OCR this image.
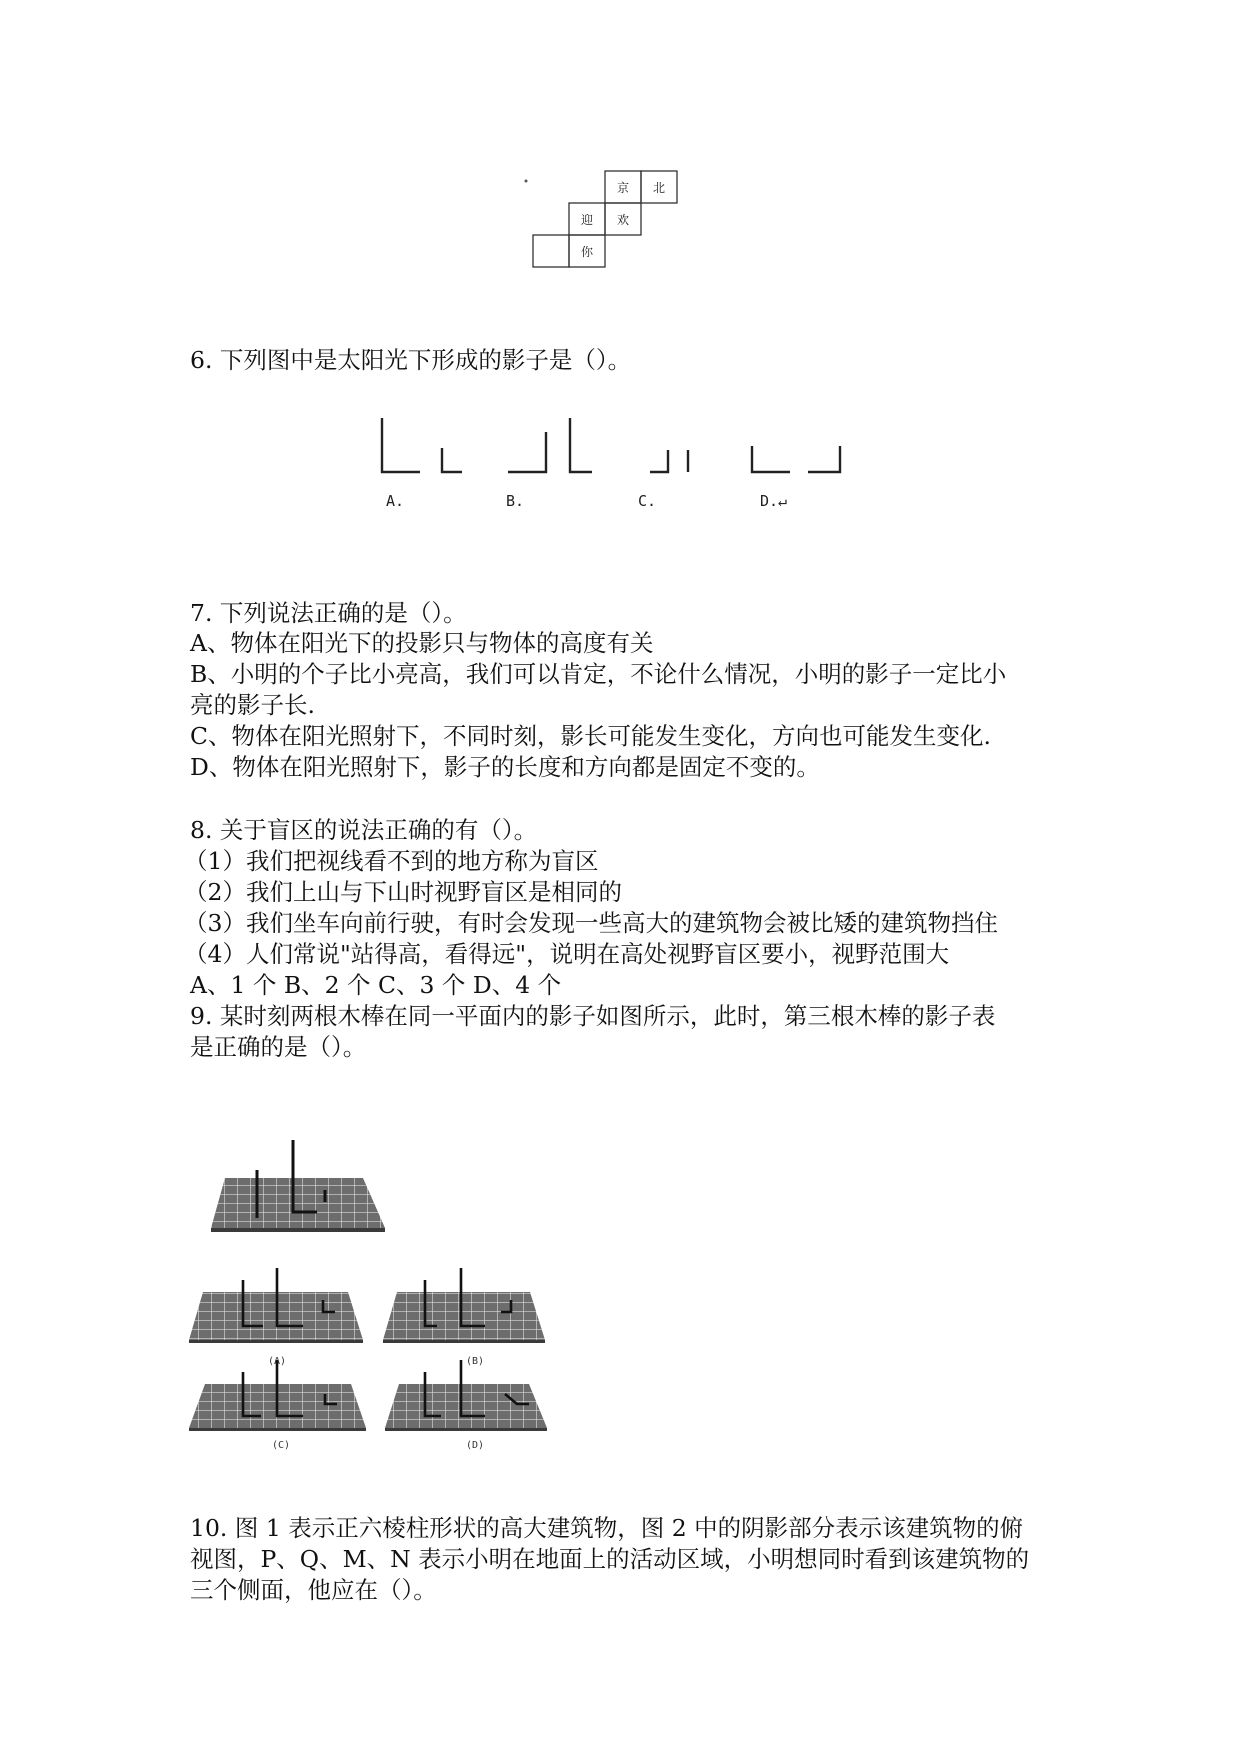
京 北
迎 欢
你
6. 下列图中是太阳光下形成的影子是（）。
A.	B.	C.	D.↵
7. 下列说法正确的是（）。
A、物体在阳光下的投影只与物体的高度有关
B、小明的个子比小亮高，我们可以肯定，不论什么情况，小明的影子一定比小
亮的影子长.
C、物体在阳光照射下，不同时刻，影长可能发生变化，方向也可能发生变化.
D、物体在阳光照射下，影子的长度和方向都是固定不变的。
8. 关于盲区的说法正确的有（）。
（1）我们把视线看不到的地方称为盲区
（2）我们上山与下山时视野盲区是相同的
（3）我们坐车向前行驶，有时会发现一些高大的建筑物会被比矮的建筑物挡住
（4）人们常说"站得高，看得远"，说明在高处视野盲区要小，视野范围大
A、1 个 B、2 个 C、3 个 D、4 个
9. 某时刻两根木棒在同一平面内的影子如图所示，此时，第三根木棒的影子表
是正确的是（）。
(A)	(B)
(C)	(D)
10. 图 1 表示正六棱柱形状的高大建筑物，图 2 中的阴影部分表示该建筑物的俯
视图，P、Q、M、N 表示小明在地面上的活动区域，小明想同时看到该建筑物的
三个侧面，他应在（）。
